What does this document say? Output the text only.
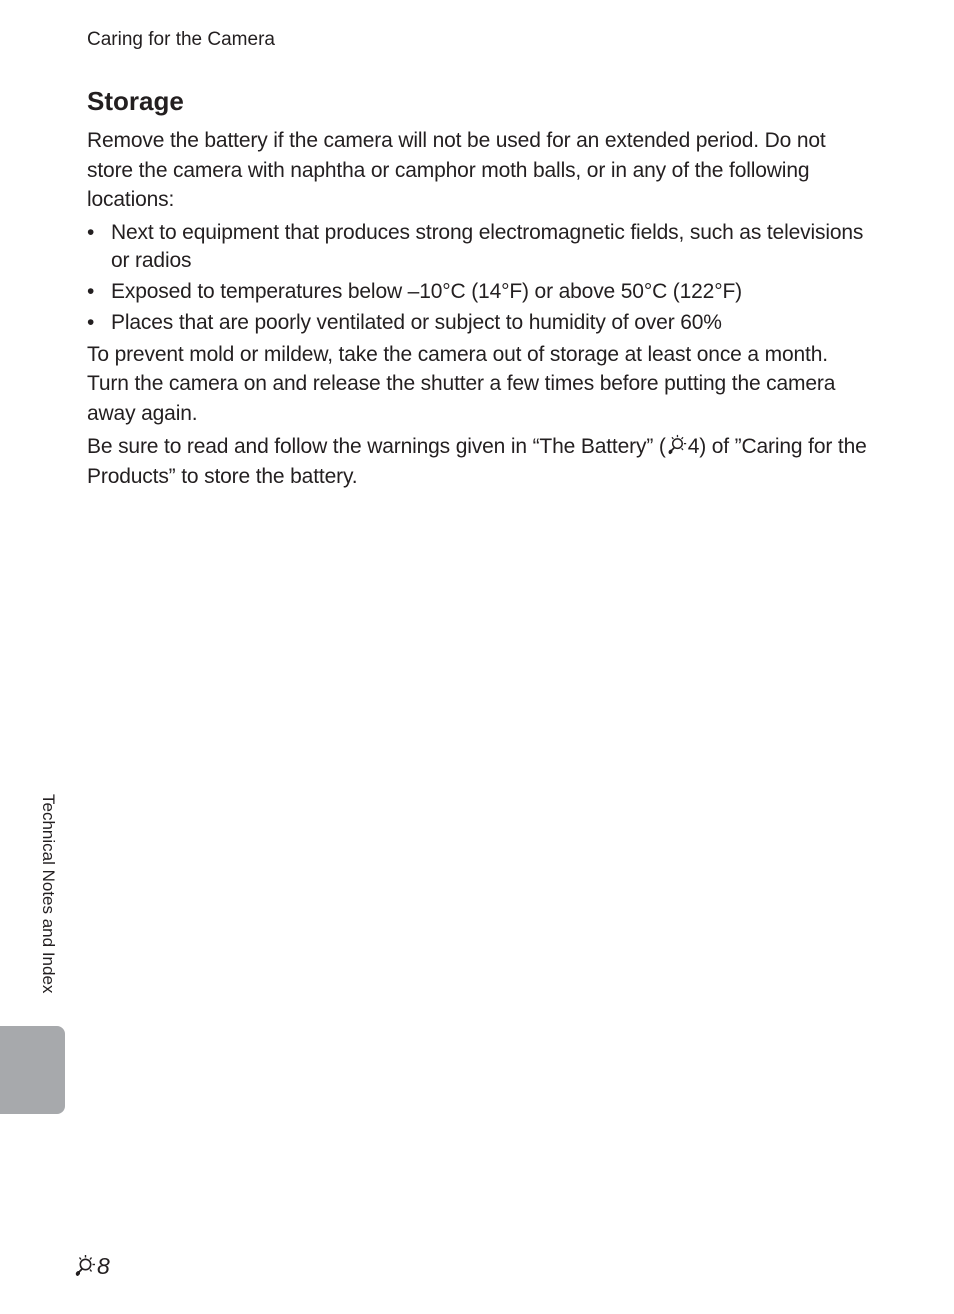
Caring for the Camera
Storage

Remove the battery if the camera will not be used for an extended period. Do not store the camera with naphtha or camphor moth balls, or in any of the following locations:

• Next to equipment that produces strong electromagnetic fields, such as televisions or radios
• Exposed to temperatures below –10°C (14°F) or above 50°C (122°F)
• Places that are poorly ventilated or subject to humidity of over 60%

To prevent mold or mildew, take the camera out of storage at least once a month. Turn the camera on and release the shutter a few times before putting the camera away again.

Be sure to read and follow the warnings given in “The Battery” ( 4) of ”Caring for the Products” to store the battery.

Technical Notes and Index
8
